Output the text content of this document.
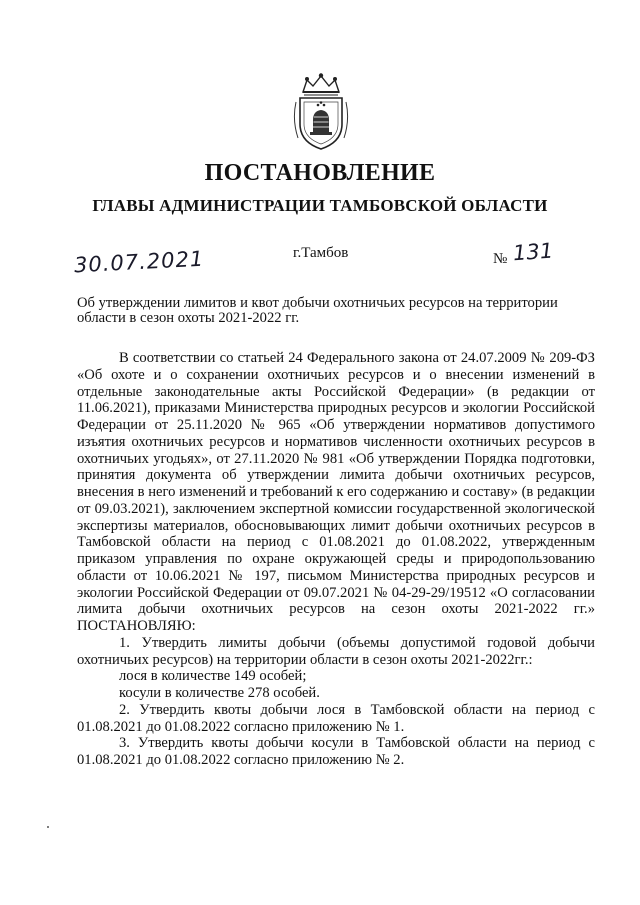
ПОСТАНОВЛЕНИЕ
ГЛАВЫ АДМИНИСТРАЦИИ ТАМБОВСКОЙ ОБЛАСТИ
30.07.2021	г.Тамбов	№ 131
Об утверждении лимитов и квот добычи охотничьих ресурсов на территории области в сезон охоты 2021-2022 гг.

В соответствии со статьей 24 Федерального закона от 24.07.2009 № 209-ФЗ «Об охоте и о сохранении охотничьих ресурсов и о внесении изменений в отдельные законодательные акты Российской Федерации» (в редакции от 11.06.2021), приказами Министерства природных ресурсов и экологии Российской Федерации от 25.11.2020 № 965 «Об утверждении нормативов допустимого изъятия охотничьих ресурсов и нормативов численности охотничьих ресурсов в охотничьих угодьях», от 27.11.2020 № 981 «Об утверждении Порядка подготовки, принятия документа об утверждении лимита добычи охотничьих ресурсов, внесения в него изменений и требований к его содержанию и составу» (в редакции от 09.03.2021), заключением экспертной комиссии государственной экологической экспертизы материалов, обосновывающих лимит добычи охотничьих ресурсов в Тамбовской области на период с 01.08.2021 до 01.08.2022, утвержденным приказом управления по охране окружающей среды и природопользованию области от 10.06.2021 № 197, письмом Министерства природных ресурсов и экологии Российской Федерации от 09.07.2021 № 04-29-29/19512 «О согласовании лимита добычи охотничьих ресурсов на сезон охоты 2021-2022 гг.» ПОСТАНОВЛЯЮ:

1. Утвердить лимиты добычи (объемы допустимой годовой добычи охотничьих ресурсов) на территории области в сезон охоты 2021-2022гг.:

лося в количестве 149 особей;

косули в количестве 278 особей.

2. Утвердить квоты добычи лося в Тамбовской области на период с 01.08.2021 до 01.08.2022 согласно приложению № 1.

3. Утвердить квоты добычи косули в Тамбовской области на период с 01.08.2021 до 01.08.2022 согласно приложению № 2.
